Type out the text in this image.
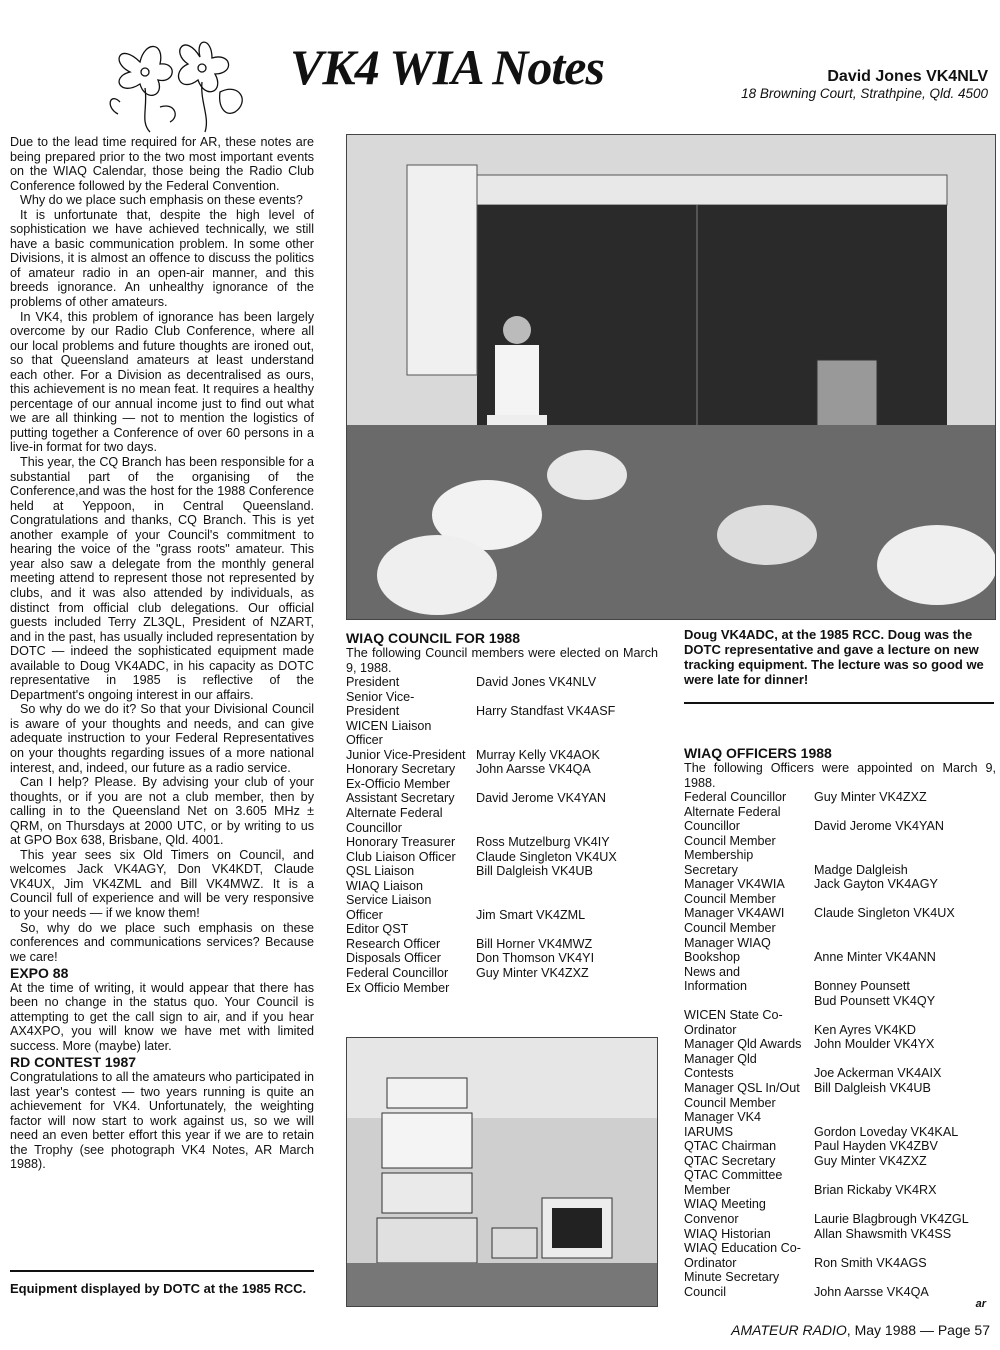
VK4 WIA Notes	David Jones VK4NLV
18 Browning Court, Strathpine, Qld. 4500

Due to the lead time required for AR, these notes are being prepared prior to the two most important events on the WIAQ Calendar, those being the Radio Club Conference followed by the Federal Convention.

Why do we place such emphasis on these events?

It is unfortunate that, despite the high level of sophistication we have achieved technically, we still have a basic communication problem. In some other Divisions, it is almost an offence to discuss the politics of amateur radio in an open-air manner, and this breeds ignorance. An unhealthy ignorance of the problems of other amateurs.

In VK4, this problem of ignorance has been largely overcome by our Radio Club Conference, where all our local problems and future thoughts are ironed out, so that Queensland amateurs at least understand each other. For a Division as decentralised as ours, this achievement is no mean feat. It requires a healthy percentage of our annual income just to find out what we are all thinking — not to mention the logistics of putting together a Conference of over 60 persons in a live-in format for two days.

This year, the CQ Branch has been responsible for a substantial part of the organising of the Conference,and was the host for the 1988 Conference held at Yeppoon, in Central Queensland. Congratulations and thanks, CQ Branch. This is yet another example of your Council's commitment to hearing the voice of the "grass roots" amateur. This year also saw a delegate from the monthly general meeting attend to represent those not represented by clubs, and it was also attended by individuals, as distinct from official club delegations. Our official guests included Terry ZL3QL, President of NZART, and in the past, has usually included representation by DOTC — indeed the sophisticated equipment made available to Doug VK4ADC, in his capacity as DOTC representative in 1985 is reflective of the Department's ongoing interest in our affairs.

So why do we do it? So that your Divisional Council is aware of your thoughts and needs, and can give adequate instruction to your Federal Representatives on your thoughts regarding issues of a more national interest, and, indeed, our future as a radio service.

Can I help? Please. By advising your club of your thoughts, or if you are not a club member, then by calling in to the Queensland Net on 3.605 MHz ± QRM, on Thursdays at 2000 UTC, or by writing to us at GPO Box 638, Brisbane, Qld. 4001.

This year sees six Old Timers on Council, and welcomes Jack VK4AGY, Don VK4KDT, Claude VK4UX, Jim VK4ZML and Bill VK4MWZ. It is a Council full of experience and will be very responsive to your needs — if we know them!

So, why do we place such emphasis on these conferences and communications services? Because we care!

EXPO 88

At the time of writing, it would appear that there has been no change in the status quo. Your Council is attempting to get the call sign to air, and if you hear AX4XPO, you will know we have met with limited success. More (maybe) later.

RD CONTEST 1987

Congratulations to all the amateurs who participated in last year's contest — two years running is quite an achievement for VK4. Unfortunately, the weighting factor will now start to work against us, so we will need an even better effort this year if we are to retain the Trophy (see photograph VK4 Notes, AR March 1988).

Equipment displayed by DOTC at the 1985 RCC.
Doug VK4ADC, at the 1985 RCC. Doug was the DOTC representative and gave a lecture on new tracking equipment. The lecture was so good we were late for dinner!
WIAQ COUNCIL FOR 1988
The following Council members were elected on March 9, 1988.
President	David Jones VK4NLV
Senior Vice-
President	Harry Standfast VK4ASF
WICEN Liaison
Officer
Junior Vice-President Murray Kelly VK4AOK
Honorary Secretary	John Aarsse VK4QA
Ex-Officio Member
Assistant Secretary	David Jerome VK4YAN
Alternate Federal
Councillor
Honorary Treasurer	Ross Mutzelburg VK4IY
Club Liaison Officer	Claude Singleton VK4UX
QSL Liaison	Bill Dalgleish VK4UB
WIAQ Liaison
Service Liaison
Officer	Jim Smart VK4ZML
Editor QST
Research Officer	Bill Horner VK4MWZ
Disposals Officer	Don Thomson VK4YI
Federal Councillor	Guy Minter VK4ZXZ
Ex Officio Member
WIAQ OFFICERS 1988
The following Officers were appointed on March 9, 1988.
Federal Councillor	Guy Minter VK4ZXZ
Alternate Federal
Councillor	David Jerome VK4YAN
Council Member
Membership
Secretary	Madge Dalgleish
Manager VK4WIA	Jack Gayton VK4AGY
Council Member
Manager VK4AWI	Claude Singleton VK4UX
Council Member
Manager WIAQ
Bookshop	Anne Minter VK4ANN
News and
Information	Bonney Pounsett
Bud Pounsett VK4QY
WICEN State Co-
Ordinator	Ken Ayres VK4KD
Manager Qld Awards	John Moulder VK4YX
Manager Qld
Contests	Joe Ackerman VK4AIX
Manager QSL In/Out	Bill Dalgleish VK4UB
Council Member
Manager VK4
IARUMS	Gordon Loveday VK4KAL
QTAC Chairman	Paul Hayden VK4ZBV
QTAC Secretary	Guy Minter VK4ZXZ
QTAC Committee
Member	Brian Rickaby VK4RX
WIAQ Meeting
Convenor	Laurie Blagbrough VK4ZGL
WIAQ Historian	Allan Shawsmith VK4SS
WIAQ Education Co-
Ordinator	Ron Smith VK4AGS
Minute Secretary
Council	John Aarsse VK4QA
ar
AMATEUR RADIO, May 1988 — Page 57
